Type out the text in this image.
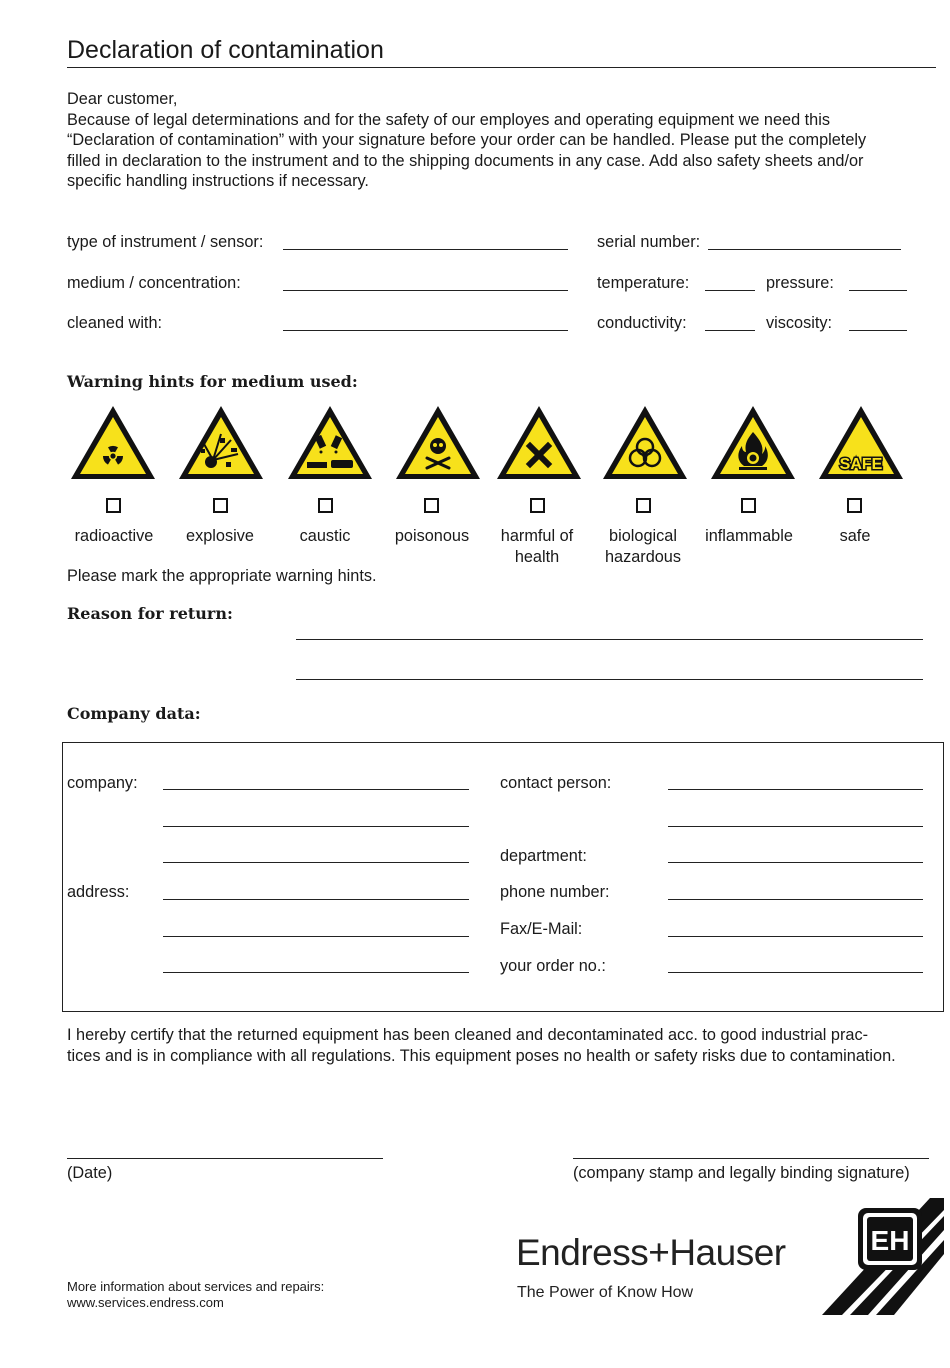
Declaration of contamination
Dear customer,
Because of legal determinations and for the safety of our employes and operating equipment we need this
“Declaration of contamination” with your signature before your order can be handled. Please put the completely
filled in declaration to the instrument and to the shipping documents in any case. Add also safety sheets and/or
specific handling instructions if necessary.
type of instrument / sensor:	serial number:
medium / concentration:	temperature:	pressure:
cleaned with:	conductivity:	viscosity:
Warning hints for medium used:
SAFE
radioactive	explosive	caustic	poisonous	harmful of
health
biological
hazardous
inflammable	safe
Please mark the appropriate warning hints.
Reason for return:
Company data:
company:
address:
contact person:
department:
phone number:
Fax/E-Mail:
your order no.:
I hereby certify that the returned equipment has been cleaned and decontaminated acc. to good industrial prac-
tices and is in compliance with all regulations. This equipment poses no health or safety risks due to contamination.
(Date)	(company stamp and legally binding signature)
More information about services and repairs:
www.services.endress.com
Endress+Hauser
The Power of Know How
EH
